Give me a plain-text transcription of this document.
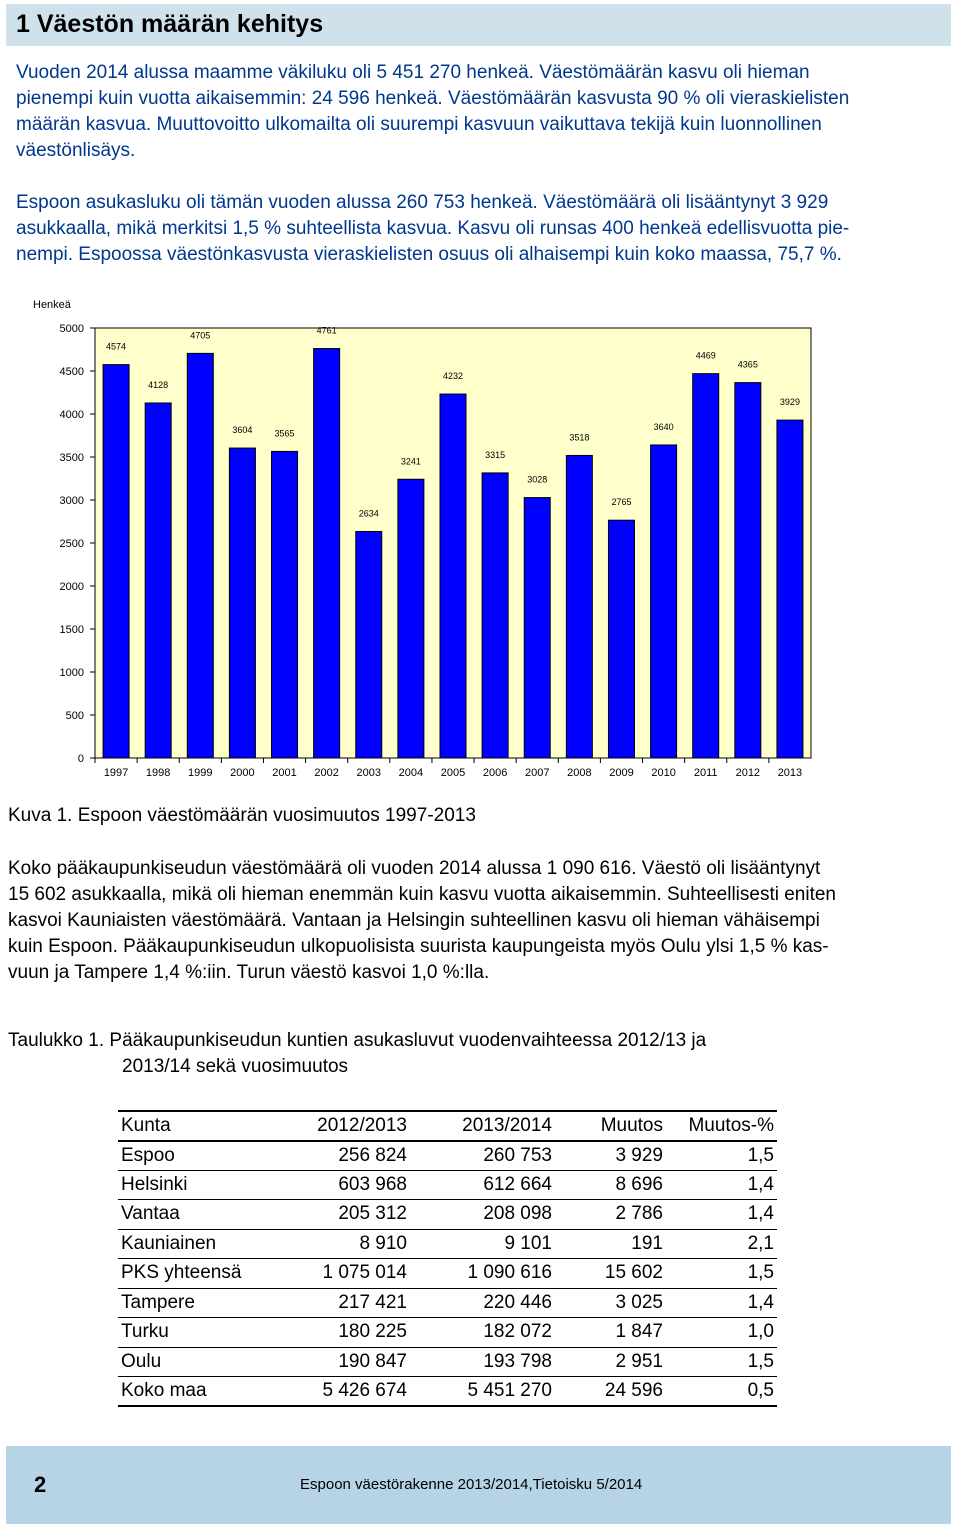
1 Väestön määrän kehitys

Vuoden 2014 alussa maamme väkiluku oli 5 451 270 henkeä. Väestömäärän kasvu oli hieman

pienempi kuin vuotta aikaisemmin: 24 596 henkeä. Väestömäärän kasvusta 90 % oli vieraskielisten

määrän kasvua. Muuttovoitto ulkomailta oli suurempi kasvuun vaikuttava tekijä kuin luonnollinen

väestönlisäys.

Espoon asukasluku oli tämän vuoden alussa 260 753 henkeä. Väestömäärä oli lisääntynyt 3 929

asukkaalla, mikä merkitsi 1,5 % suhteellista kasvua. Kasvu oli runsas 400 henkeä edellisvuotta pie-

nempi. Espoossa väestönkasvusta vieraskielisten osuus oli alhaisempi kuin koko maassa, 75,7 %.

Henkeä
0
500
1000
1500
2000
2500
3000
3500
4000
4500
5000
4574
1997
4128
1998
4705
1999
3604
2000
3565
2001
4761
2002
2634
2003
3241
2004
4232
2005
3315
2006
3028
2007
3518
2008
2765
2009
3640
2010
4469
2011
4365
2012
3929
2013
Kuva 1. Espoon väestömäärän vuosimuutos 1997-2013

Koko pääkaupunkiseudun väestömäärä oli vuoden 2014 alussa 1 090 616. Väestö oli lisääntynyt

15 602 asukkaalla, mikä oli hieman enemmän kuin kasvu vuotta aikaisemmin. Suhteellisesti eniten

kasvoi Kauniaisten väestömäärä. Vantaan ja Helsingin suhteellinen kasvu oli hieman vähäisempi

kuin Espoon. Pääkaupunkiseudun ulkopuolisista suurista kaupungeista myös Oulu ylsi 1,5 % kas-

vuun ja Tampere 1,4 %:iin. Turun väestö kasvoi 1,0 %:lla.

Taulukko 1. Pääkaupunkiseudun kuntien asukasluvut vuodenvaihteessa 2012/13 ja

2013/14 sekä vuosimuutos

Kunta	2012/2013	2013/2014	Muutos	Muutos-%
Espoo	256 824	260 753	3 929	1,5
Helsinki	603 968	612 664	8 696	1,4
Vantaa	205 312	208 098	2 786	1,4
Kauniainen	8 910	9 101	191	2,1
PKS yhteensä	1 075 014	1 090 616	15 602	1,5
Tampere	217 421	220 446	3 025	1,4
Turku	180 225	182 072	1 847	1,0
Oulu	190 847	193 798	2 951	1,5
Koko maa	5 426 674	5 451 270	24 596	0,5
2	Espoon väestörakenne 2013/2014,Tietoisku 5/2014
